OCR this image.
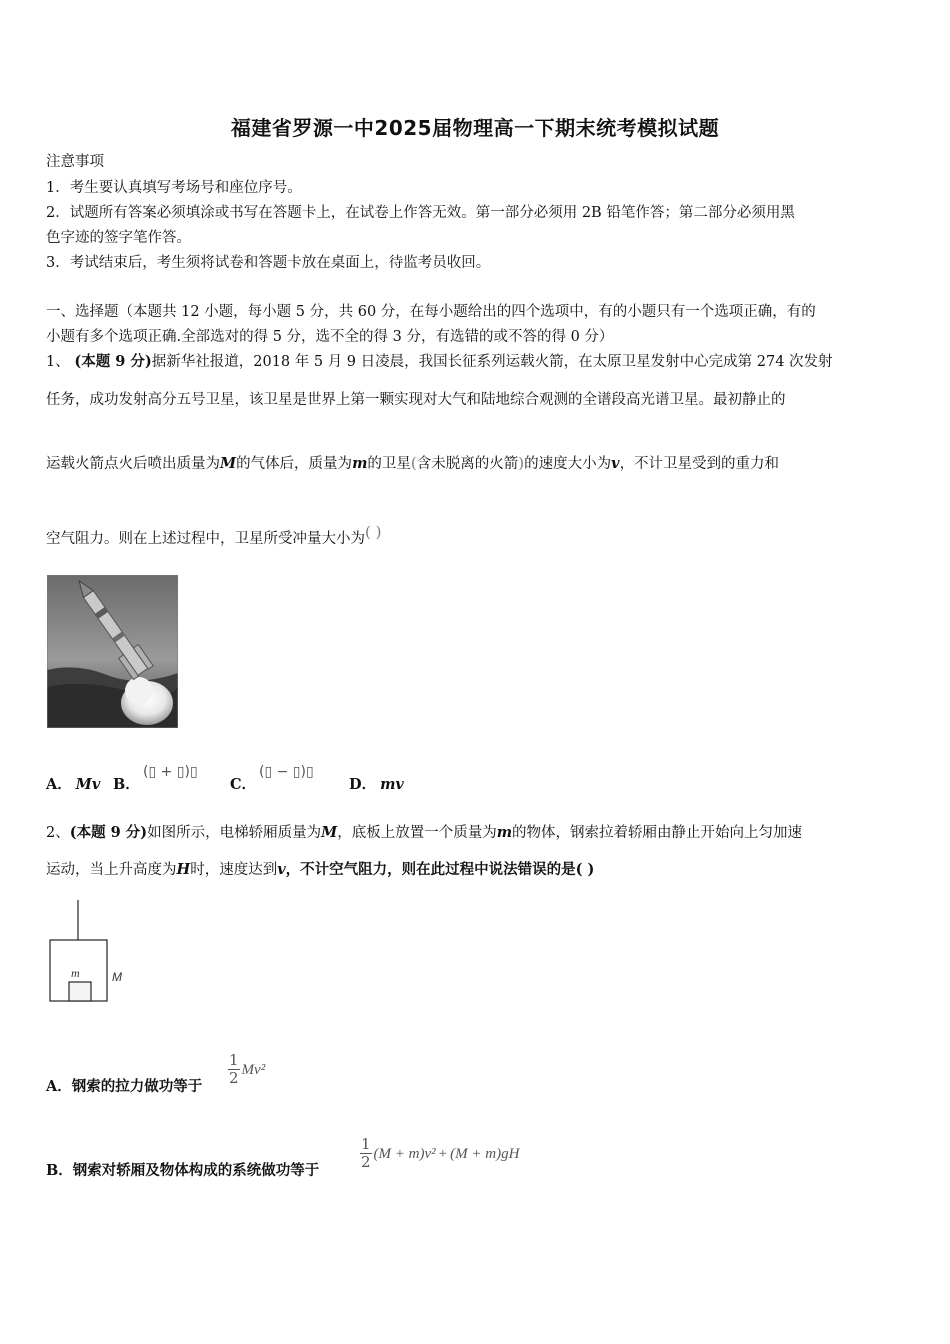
福建省罗源一中2025届物理高一下期末统考模拟试题
注意事项
1．考生要认真填写考场号和座位序号。
2．试题所有答案必须填涂或书写在答题卡上，在试卷上作答无效。第一部分必须用 2B 铅笔作答；第二部分必须用黑
色字迹的签字笔作答。
3．考试结束后，考生须将试卷和答题卡放在桌面上，待监考员收回。
一、选择题（本题共 12 小题，每小题 5 分，共 60 分，在每小题给出的四个选项中，有的小题只有一个选项正确，有的
小题有多个选项正确.全部选对的得 5 分，选不全的得 3 分，有选错的或不答的得 0 分）
1、 (本题 9 分)据新华社报道，2018 年 5 月 9 日凌晨，我国长征系列运载火箭，在太原卫星发射中心完成第 274 次发射
任务，成功发射高分五号卫星，该卫星是世界上第一颗实现对大气和陆地综合观测的全谱段高光谱卫星。最初静止的
运载火箭点火后喷出质量为M的气体后，质量为m的卫星(含未脱离的火箭)的速度大小为v，不计卫星受到的重力和
空气阻力。则在上述过程中，卫星所受冲量大小为( )
A． Mv B．
(▯ + ▯)▯
C．
(▯ − ▯)▯
D． mv
2、(本题 9 分)如图所示，电梯轿厢质量为M，底板上放置一个质量为m的物体，钢索拉着轿厢由静止开始向上匀加速
运动，当上升高度为H时，速度达到v，不计空气阻力，则在此过程中说法错误的是( )
m	M
A．钢索的拉力做功等于 $\frac{1}{2} Mv^2$
B．钢索对轿厢及物体构成的系统做功等于	$\frac{1}{2} (M + m)v^2 + (M + m)gH$
